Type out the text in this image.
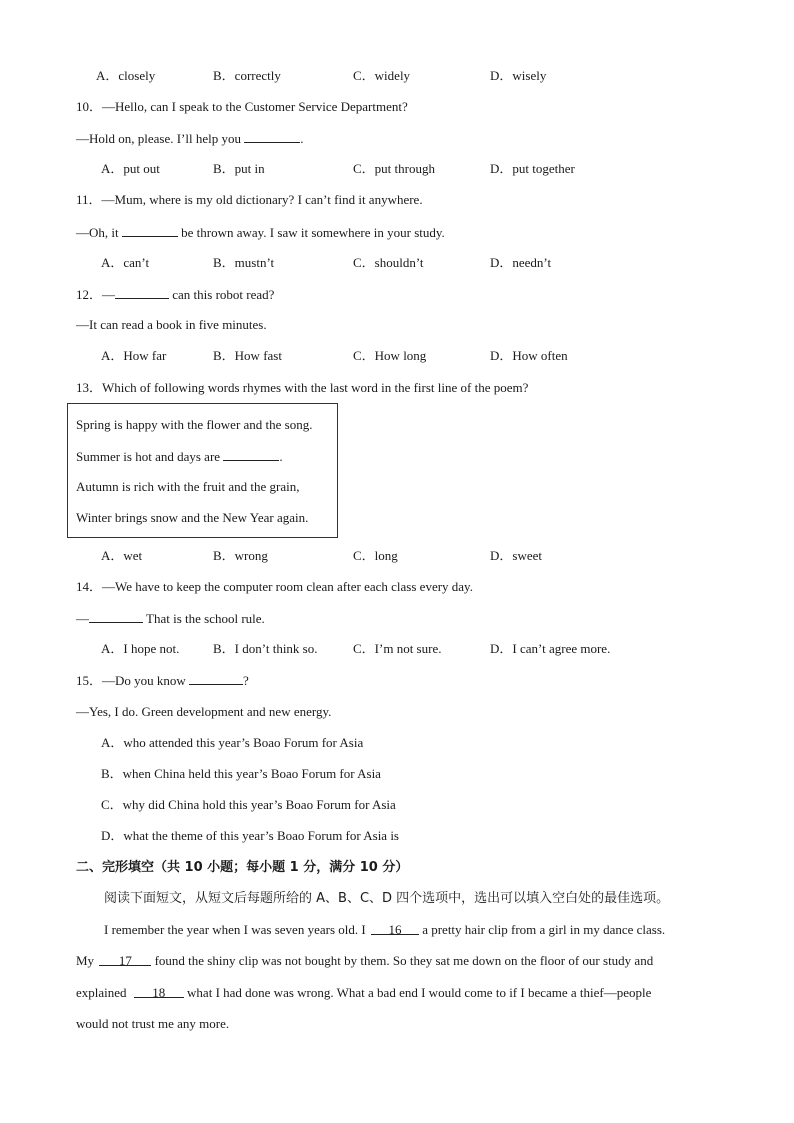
A．closely	B．correctly	C．widely	D．wisely
10．—Hello, can I speak to the Customer Service Department?
—Hold on, please. I’ll help you	.
A．put out	B．put in	C．put through	D．put together
11．—Mum, where is my old dictionary? I can’t find it anywhere.
—Oh, it	be thrown away. I saw it somewhere in your study.
A．can’t	B．mustn’t	C．shouldn’t	D．needn’t
12．—	can this robot read?
—It can read a book in five minutes.
A．How far	B．How fast	C．How long	D．How often
13．Which of following words rhymes with the last word in the first line of the poem?
Spring is happy with the flower and the song.
Summer is hot and days are	.
Autumn is rich with the fruit and the grain,
Winter brings snow and the New Year again.
A．wet	B．wrong	C．long	D．sweet
14．—We have to keep the computer room clean after each class every day.
—	That is the school rule.
A．I hope not.	B．I don’t think so.	C．I’m not sure.	D．I can’t agree more.
15．—Do you know	?
—Yes, I do. Green development and new energy.
A．who attended this year’s Boao Forum for Asia
B．when China held this year’s Boao Forum for Asia
C．why did China hold this year’s Boao Forum for Asia
D．what the theme of this year’s Boao Forum for Asia is
二、完形填空（共 10 小题；每小题 1 分，满分 10 分）
阅读下面短文，从短文后每题所给的 A、B、C、D 四个选项中，选出可以填入空白处的最佳选项。
I remember the year when I was seven years old. I 16 a pretty hair clip from a girl in my dance class.
My 17 found the shiny clip was not bought by them. So they sat me down on the floor of our study and
explained 18 what I had done was wrong. What a bad end I would come to if I became a thief—people
would not trust me any more.
